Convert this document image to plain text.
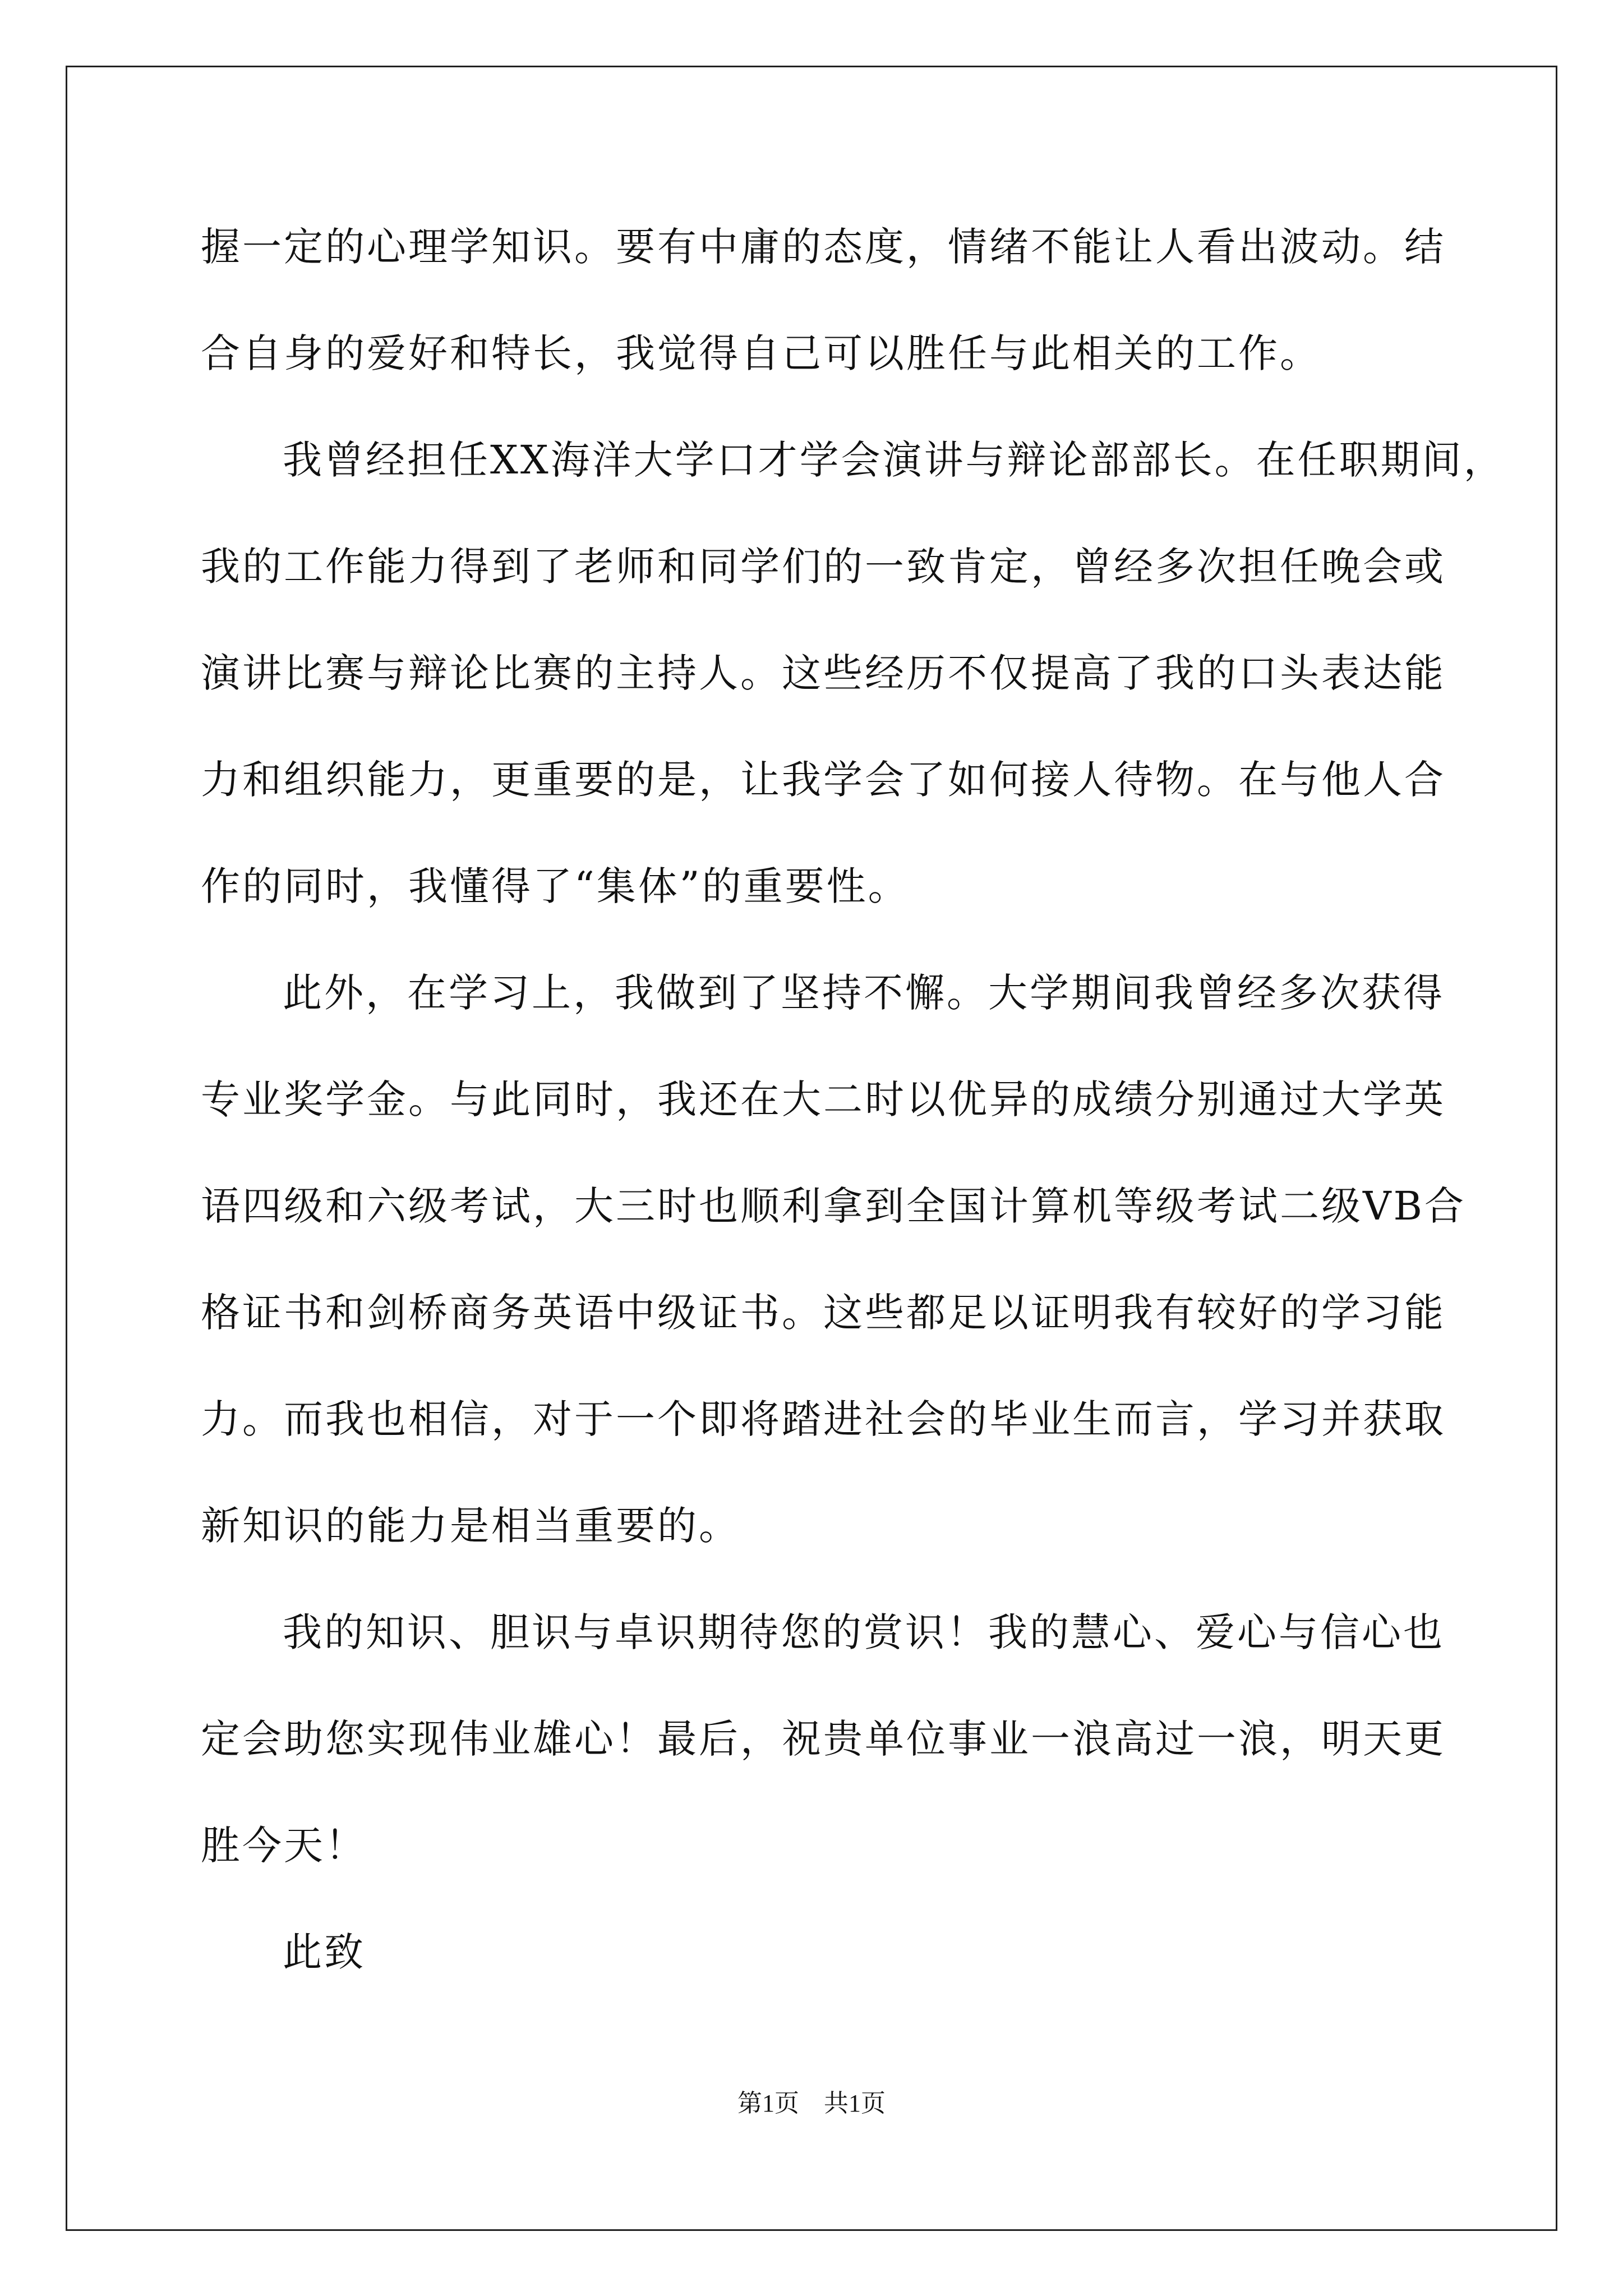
握一定的心理学知识。要有中庸的态度，情绪不能让人看出波动。结
合自身的爱好和特长，我觉得自己可以胜任与此相关的工作。
我曾经担任XX海洋大学口才学会演讲与辩论部部长。在任职期间，
我的工作能力得到了老师和同学们的一致肯定，曾经多次担任晚会或
演讲比赛与辩论比赛的主持人。这些经历不仅提高了我的口头表达能
力和组织能力，更重要的是，让我学会了如何接人待物。在与他人合
作的同时，我懂得了“集体”的重要性。
此外，在学习上，我做到了坚持不懈。大学期间我曾经多次获得
专业奖学金。与此同时，我还在大二时以优异的成绩分别通过大学英
语四级和六级考试，大三时也顺利拿到全国计算机等级考试二级VB合
格证书和剑桥商务英语中级证书。这些都足以证明我有较好的学习能
力。而我也相信，对于一个即将踏进社会的毕业生而言，学习并获取
新知识的能力是相当重要的。
我的知识、胆识与卓识期待您的赏识！我的慧心、爱心与信心也
定会助您实现伟业雄心！最后，祝贵单位事业一浪高过一浪，明天更
胜今天！
此致
第1页　共1页
